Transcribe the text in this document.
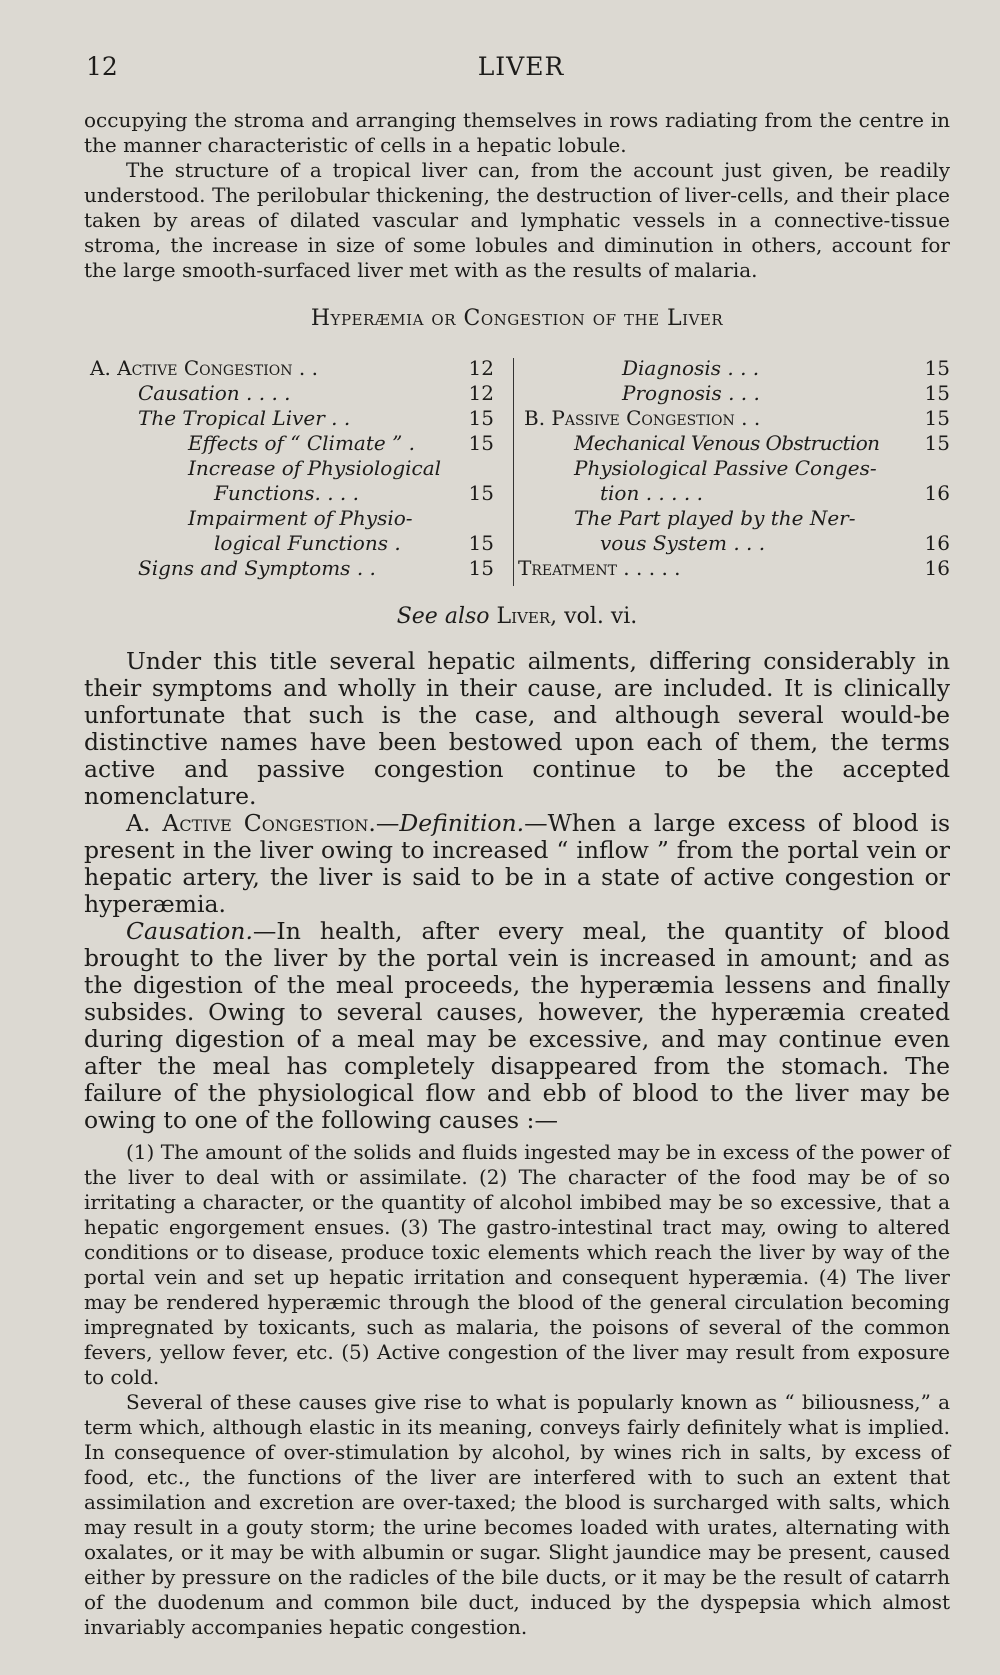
12	LIVER

occupying the stroma and arranging themselves in rows radiating from the centre in the manner characteristic of cells in a hepatic lobule.

The structure of a tropical liver can, from the account just given, be readily understood. The perilobular thickening, the destruction of liver-cells, and their place taken by areas of dilated vascular and lymphatic vessels in a connective-tissue stroma, the increase in size of some lobules and diminution in others, account for the large smooth-surfaced liver met with as the results of malaria.

Hyperæmia or Congestion of the Liver
A. Active Congestion . .	12
Causation . . . .	12
The Tropical Liver . .	15
Effects of “ Climate ” .	15
Increase of Physiological
Functions. . . .	15
Impairment of Physio-
logical Functions .	15
Signs and Symptoms . .	15
Diagnosis . . .	15
Prognosis . . .	15
B. Passive Congestion . .	15
Mechanical Venous Obstruction 15
Physiological Passive Conges-
tion . . . . .	16
The Part played by the Ner-
vous System . . .	16
Treatment . . . . .	16
See also Liver, vol. vi.

Under this title several hepatic ailments, differing considerably in their symptoms and wholly in their cause, are included. It is clinically unfortunate that such is the case, and although several would-be distinctive names have been bestowed upon each of them, the terms active and passive congestion continue to be the accepted nomenclature.

A. Active Congestion.—Definition.—When a large excess of blood is present in the liver owing to increased “ inflow ” from the portal vein or hepatic artery, the liver is said to be in a state of active congestion or hyperæmia.

Causation.—In health, after every meal, the quantity of blood brought to the liver by the portal vein is increased in amount; and as the digestion of the meal proceeds, the hyperæmia lessens and finally subsides. Owing to several causes, however, the hyperæmia created during digestion of a meal may be excessive, and may continue even after the meal has completely disappeared from the stomach. The failure of the physiological flow and ebb of blood to the liver may be owing to one of the following causes :—

(1) The amount of the solids and fluids ingested may be in excess of the power of the liver to deal with or assimilate. (2) The character of the food may be of so irritating a character, or the quantity of alcohol imbibed may be so excessive, that a hepatic engorgement ensues. (3) The gastro-intestinal tract may, owing to altered conditions or to disease, produce toxic elements which reach the liver by way of the portal vein and set up hepatic irritation and consequent hyperæmia. (4) The liver may be rendered hyperæmic through the blood of the general circulation becoming impregnated by toxicants, such as malaria, the poisons of several of the common fevers, yellow fever, etc. (5) Active congestion of the liver may result from exposure to cold.

Several of these causes give rise to what is popularly known as “ biliousness,” a term which, although elastic in its meaning, conveys fairly definitely what is implied. In consequence of over-stimulation by alcohol, by wines rich in salts, by excess of food, etc., the functions of the liver are interfered with to such an extent that assimilation and excretion are over-taxed; the blood is surcharged with salts, which may result in a gouty storm; the urine becomes loaded with urates, alternating with oxalates, or it may be with albumin or sugar. Slight jaundice may be present, caused either by pressure on the radicles of the bile ducts, or it may be the result of catarrh of the duodenum and common bile duct, induced by the dyspepsia which almost invariably accompanies hepatic congestion.
